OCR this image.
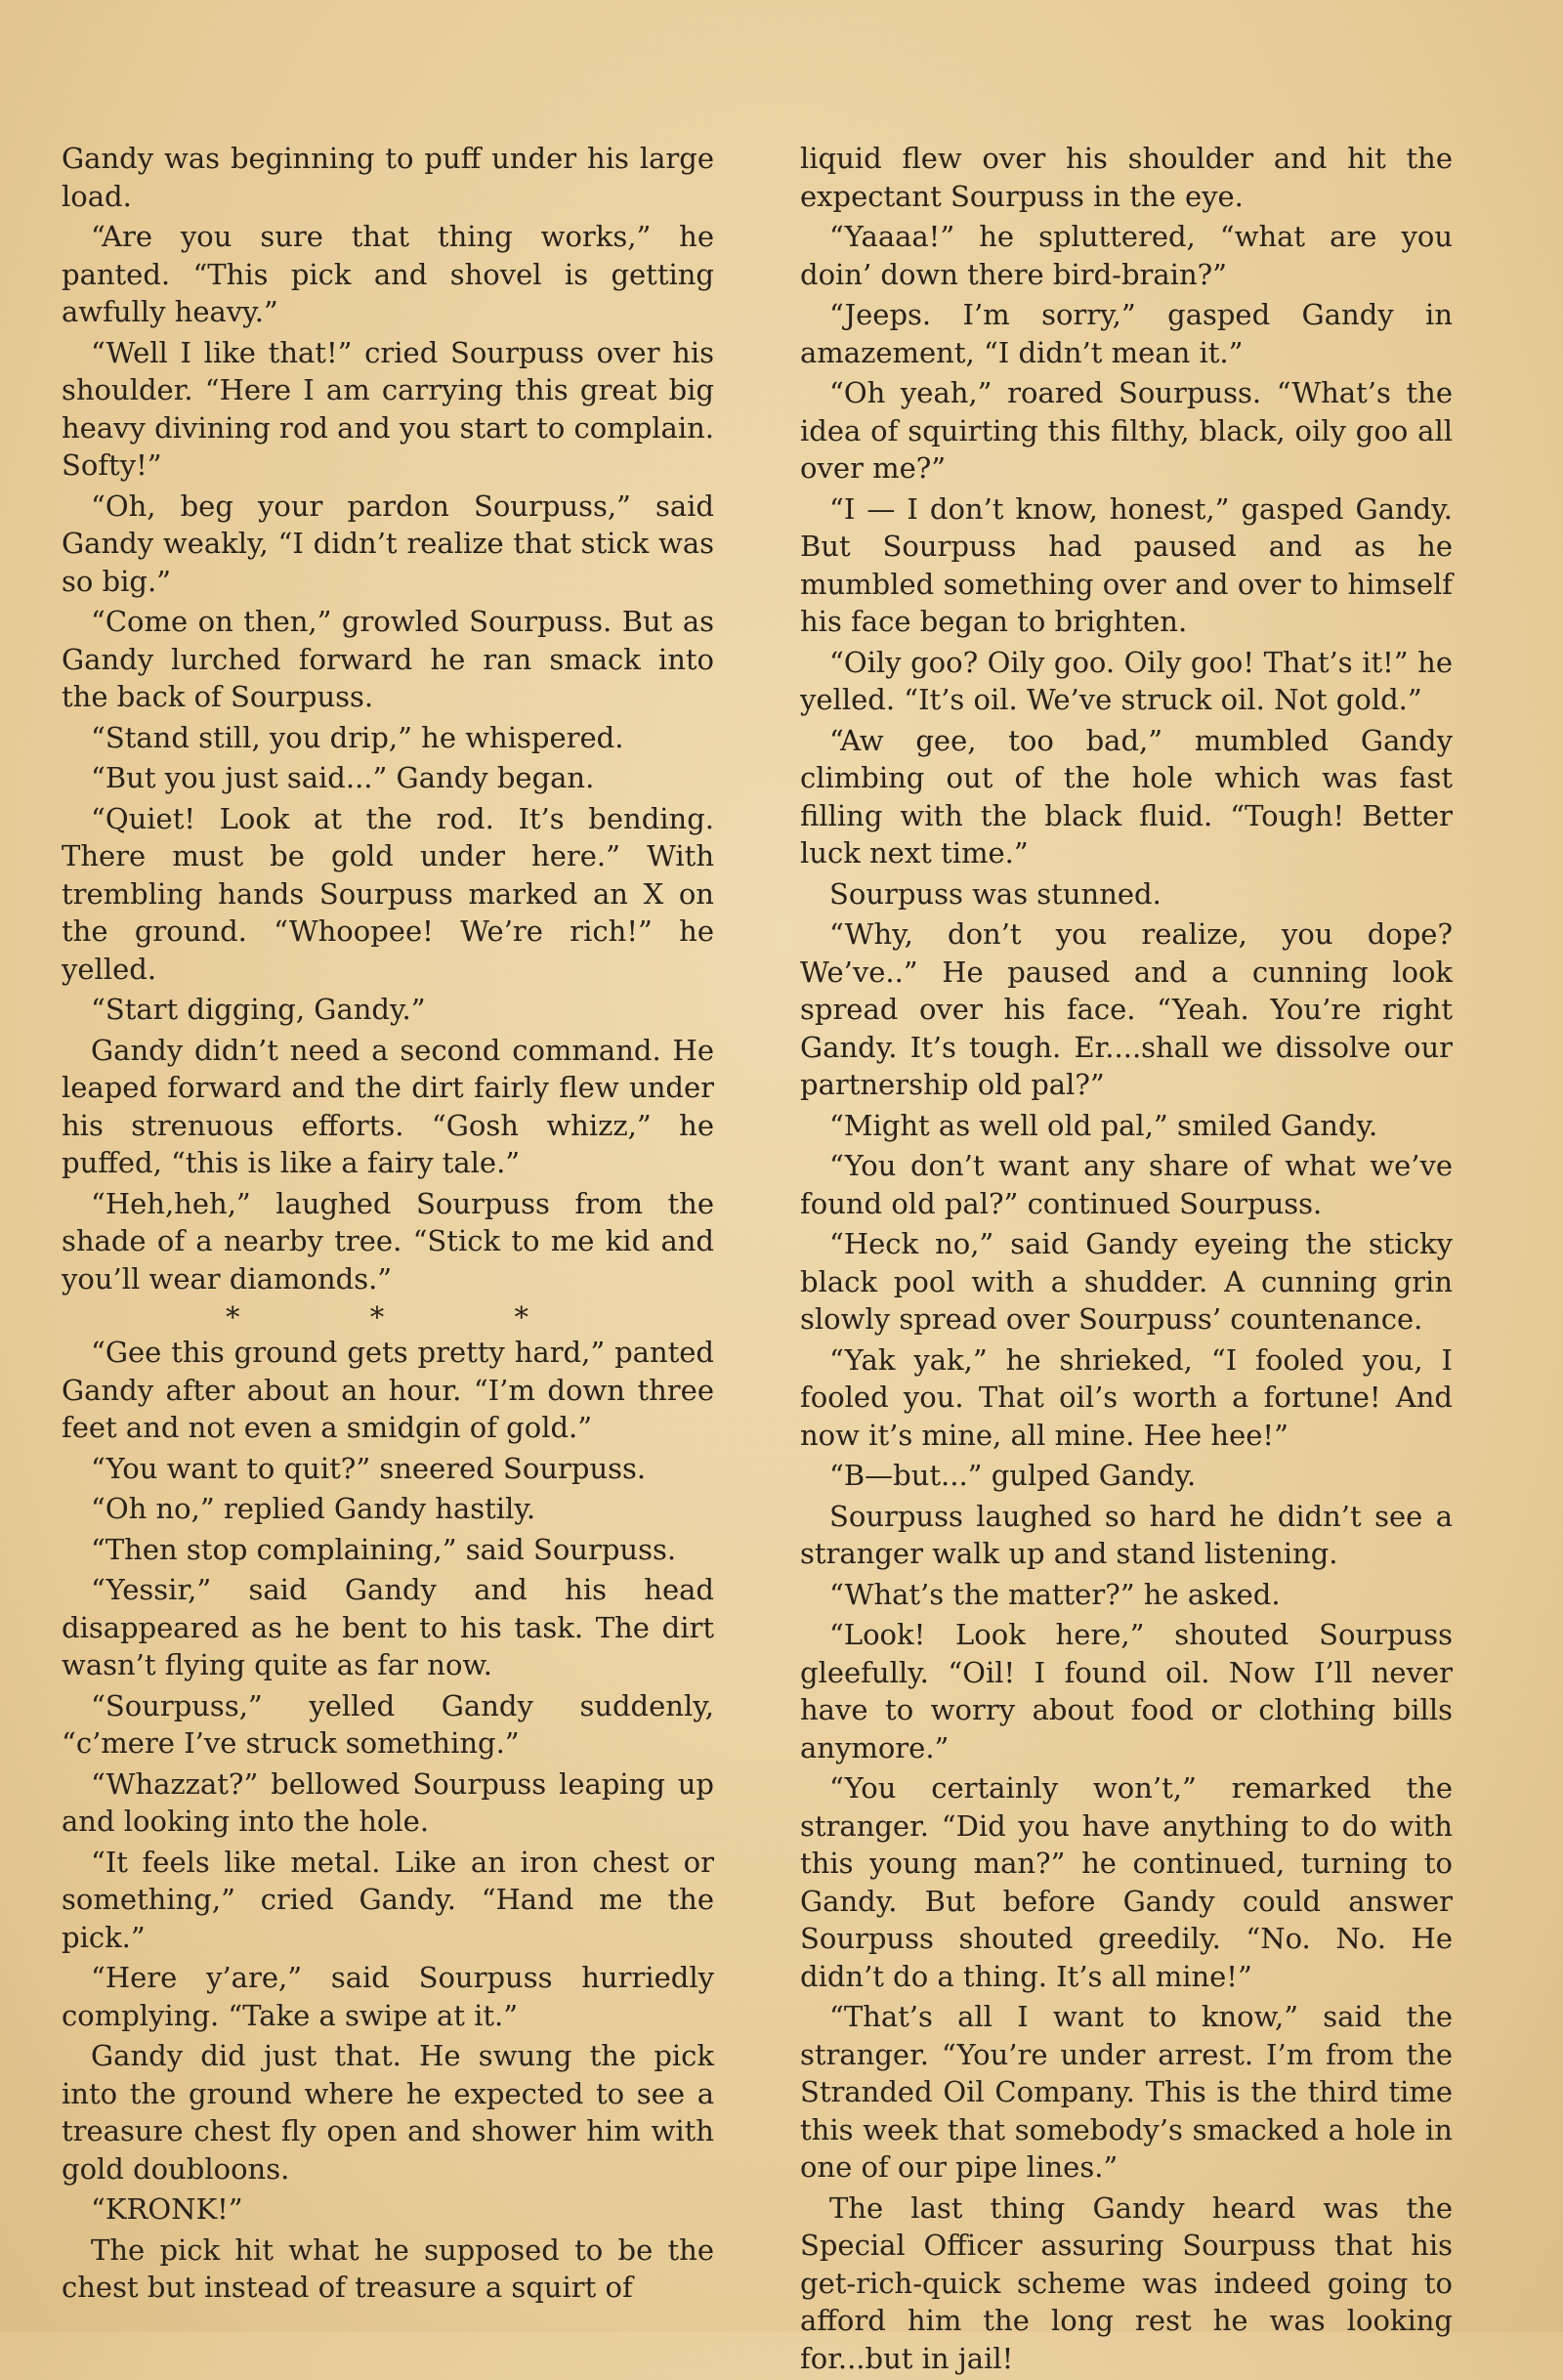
Gandy was beginning to puff under his large load.

“Are you sure that thing works,” he panted. “This pick and shovel is getting awfully heavy.”

“Well I like that!” cried Sourpuss over his shoulder. “Here I am carrying this great big heavy divining rod and you start to complain. Softy!”

“Oh, beg your pardon Sourpuss,” said Gandy weakly, “I didn’t realize that stick was so big.”

“Come on then,” growled Sourpuss. But as Gandy lurched forward he ran smack into the back of Sourpuss.

“Stand still, you drip,” he whispered.

“But you just said...” Gandy began.

“Quiet! Look at the rod. It’s bending. There must be gold under here.” With trembling hands Sourpuss marked an X on the ground. “Whoopee! We’re rich!” he yelled.

“Start digging, Gandy.”

Gandy didn’t need a second command. He leaped forward and the dirt fairly flew under his strenuous efforts. “Gosh whizz,” he puffed, “this is like a fairy tale.”

“Heh,heh,” laughed Sourpuss from the shade of a nearby tree. “Stick to me kid and you’ll wear diamonds.”

* * *

“Gee this ground gets pretty hard,” panted Gandy after about an hour. “I’m down three feet and not even a smidgin of gold.”

“You want to quit?” sneered Sourpuss.

“Oh no,” replied Gandy hastily.

“Then stop complaining,” said Sourpuss.

“Yessir,” said Gandy and his head disappeared as he bent to his task. The dirt wasn’t flying quite as far now.

“Sourpuss,” yelled Gandy suddenly, “c’mere I’ve struck something.”

“Whazzat?” bellowed Sourpuss leaping up and looking into the hole.

“It feels like metal. Like an iron chest or something,” cried Gandy. “Hand me the pick.”

“Here y’are,” said Sourpuss hurriedly complying. “Take a swipe at it.”

Gandy did just that. He swung the pick into the ground where he expected to see a treasure chest fly open and shower him with gold doubloons.

“KRONK!”

The pick hit what he supposed to be the chest but instead of treasure a squirt of

liquid flew over his shoulder and hit the expectant Sourpuss in the eye.

“Yaaaa!” he spluttered, “what are you doin’ down there bird-brain?”

“Jeeps. I’m sorry,” gasped Gandy in amazement, “I didn’t mean it.”

“Oh yeah,” roared Sourpuss. “What’s the idea of squirting this filthy, black, oily goo all over me?”

“I — I don’t know, honest,” gasped Gandy. But Sourpuss had paused and as he mumbled something over and over to himself his face began to brighten.

“Oily goo? Oily goo. Oily goo! That’s it!” he yelled. “It’s oil. We’ve struck oil. Not gold.”

“Aw gee, too bad,” mumbled Gandy climbing out of the hole which was fast filling with the black fluid. “Tough! Better luck next time.”

Sourpuss was stunned.

“Why, don’t you realize, you dope? We’ve..” He paused and a cunning look spread over his face. “Yeah. You’re right Gandy. It’s tough. Er....shall we dissolve our partnership old pal?”

“Might as well old pal,” smiled Gandy.

“You don’t want any share of what we’ve found old pal?” continued Sourpuss.

“Heck no,” said Gandy eyeing the sticky black pool with a shudder. A cunning grin slowly spread over Sourpuss’ countenance.

“Yak yak,” he shrieked, “I fooled you, I fooled you. That oil’s worth a fortune! And now it’s mine, all mine. Hee hee!”

“B—but...” gulped Gandy.

Sourpuss laughed so hard he didn’t see a stranger walk up and stand listening.

“What’s the matter?” he asked.

“Look! Look here,” shouted Sourpuss gleefully. “Oil! I found oil. Now I’ll never have to worry about food or clothing bills anymore.”

“You certainly won’t,” remarked the stranger. “Did you have anything to do with this young man?” he continued, turning to Gandy. But before Gandy could answer Sourpuss shouted greedily. “No. No. He didn’t do a thing. It’s all mine!”

“That’s all I want to know,” said the stranger. “You’re under arrest. I’m from the Stranded Oil Company. This is the third time this week that somebody’s smacked a hole in one of our pipe lines.”

The last thing Gandy heard was the Special Officer assuring Sourpuss that his get-rich-quick scheme was indeed going to afford him the long rest he was looking for...but in jail!
